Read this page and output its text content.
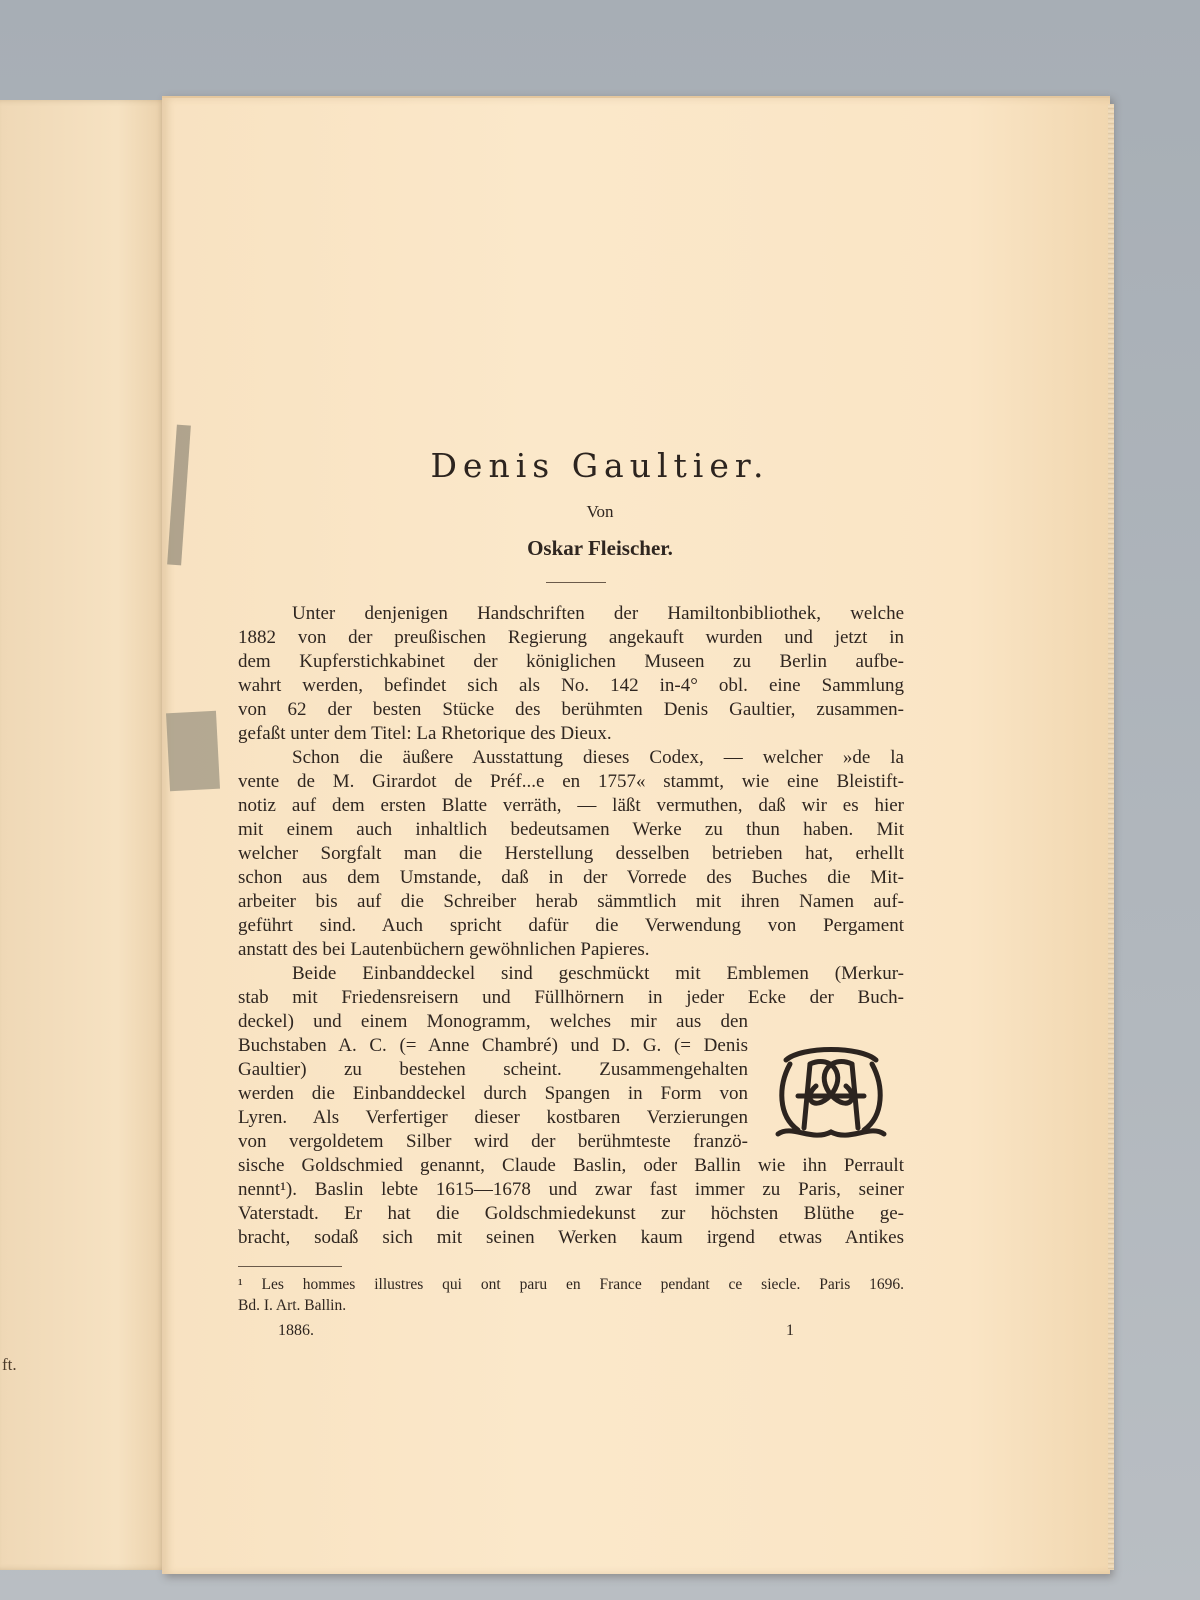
ft.
Denis Gaultier.
Von
Oskar Fleischer.
Unter denjenigen Handschriften der Hamiltonbibliothek, welche
1882 von der preußischen Regierung angekauft wurden und jetzt in
dem Kupferstichkabinet der königlichen Museen zu Berlin aufbe-
wahrt werden, befindet sich als No. 142 in-4° obl. eine Sammlung
von 62 der besten Stücke des berühmten Denis Gaultier, zusammen-
gefaßt unter dem Titel: La Rhetorique des Dieux.
Schon die äußere Ausstattung dieses Codex, — welcher »de la
vente de M. Girardot de Préf...e en 1757« stammt, wie eine Bleistift-
notiz auf dem ersten Blatte verräth, — läßt vermuthen, daß wir es hier
mit einem auch inhaltlich bedeutsamen Werke zu thun haben. Mit
welcher Sorgfalt man die Herstellung desselben betrieben hat, erhellt
schon aus dem Umstande, daß in der Vorrede des Buches die Mit-
arbeiter bis auf die Schreiber herab sämmtlich mit ihren Namen auf-
geführt sind. Auch spricht dafür die Verwendung von Pergament
anstatt des bei Lautenbüchern gewöhnlichen Papieres.
Beide Einbanddeckel sind geschmückt mit Emblemen (Merkur-
stab mit Friedensreisern und Füllhörnern in jeder Ecke der Buch-
deckel) und einem Monogramm, welches mir aus den
Buchstaben A. C. (= Anne Chambré) und D. G. (= Denis
Gaultier) zu bestehen scheint. Zusammengehalten
werden die Einbanddeckel durch Spangen in Form von
Lyren. Als Verfertiger dieser kostbaren Verzierungen
von vergoldetem Silber wird der berühmteste franzö-
sische Goldschmied genannt, Claude Baslin, oder Ballin wie ihn Perrault
nennt¹). Baslin lebte 1615—1678 und zwar fast immer zu Paris, seiner
Vaterstadt. Er hat die Goldschmiedekunst zur höchsten Blüthe ge-
bracht, sodaß sich mit seinen Werken kaum irgend etwas Antikes
¹ Les hommes illustres qui ont paru en France pendant ce siecle. Paris 1696.
Bd. I. Art. Ballin.
1886.	1
